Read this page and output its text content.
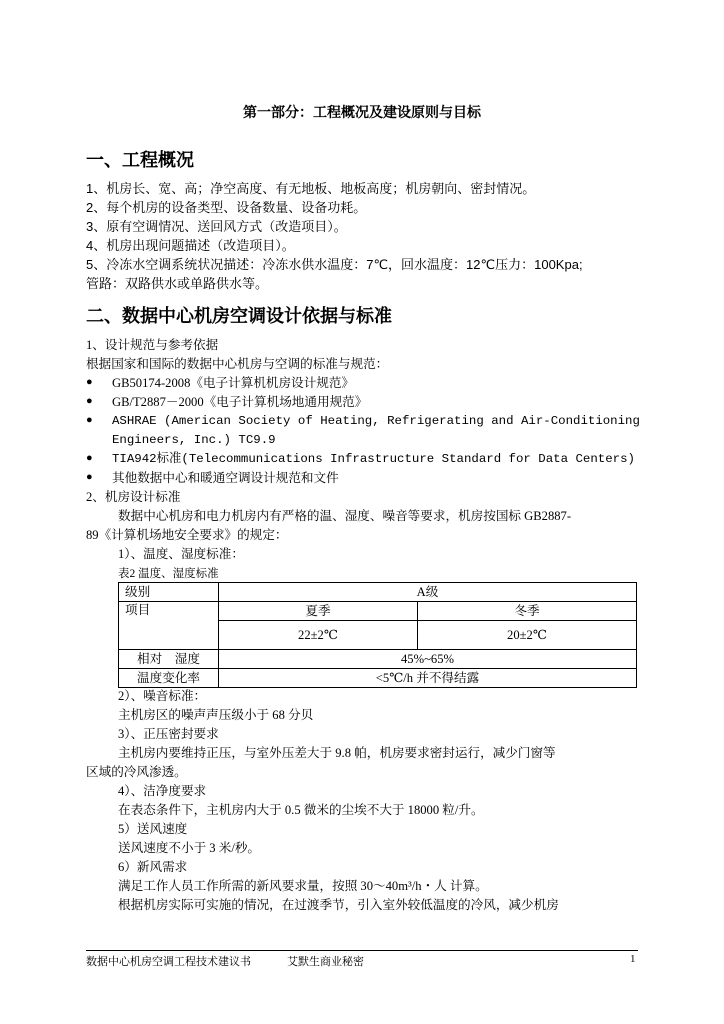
第一部分：工程概况及建设原则与目标
一、工程概况
1、机房长、宽、高；净空高度、有无地板、地板高度；机房朝向、密封情况。
2、每个机房的设备类型、设备数量、设备功耗。
3、原有空调情况、送回风方式（改造项目）。
4、机房出现问题描述（改造项目）。
5、冷冻水空调系统状况描述：冷冻水供水温度：7℃，回水温度：12℃压力：100Kpa;
管路：双路供水或单路供水等。
二、数据中心机房空调设计依据与标准
1、设计规范与参考依据
根据国家和国际的数据中心机房与空调的标准与规范：
● GB50174-2008《电子计算机机房设计规范》
● GB/T2887－2000《电子计算机场地通用规范》
● ASHRAE (American Society of Heating, Refrigerating and Air-Conditioning
Engineers, Inc.) TC9.9
● TIA942标准(Telecommunications Infrastructure Standard for Data Centers)
● 其他数据中心和暖通空调设计规范和文件
2、机房设计标准
数据中心机房和电力机房内有严格的温、湿度、噪音等要求，机房按国标 GB2887-
89《计算机场地安全要求》的规定：
1）、温度、湿度标准：
表2 温度、湿度标准
级别	A级	
项目	夏季	冬季
	22±2℃	20±2℃
相对　湿度	45%~65%	
温度变化率	<5℃/h 并不得结露	
2）、噪音标准：
主机房区的噪声声压级小于 68 分贝
3）、正压密封要求
主机房内要维持正压，与室外压差大于 9.8 帕，机房要求密封运行，减少门窗等
区域的冷风渗透。
4）、洁净度要求
在表态条件下，主机房内大于 0.5 微米的尘埃不大于 18000 粒/升。
5）送风速度
送风速度不小于 3 米/秒。
6）新风需求
满足工作人员工作所需的新风要求量，按照 30～40m³/h・人 计算。
根据机房实际可实施的情况，在过渡季节，引入室外较低温度的冷风，减少机房
数据中心机房空调工程技术建议书	艾默生商业秘密	1
